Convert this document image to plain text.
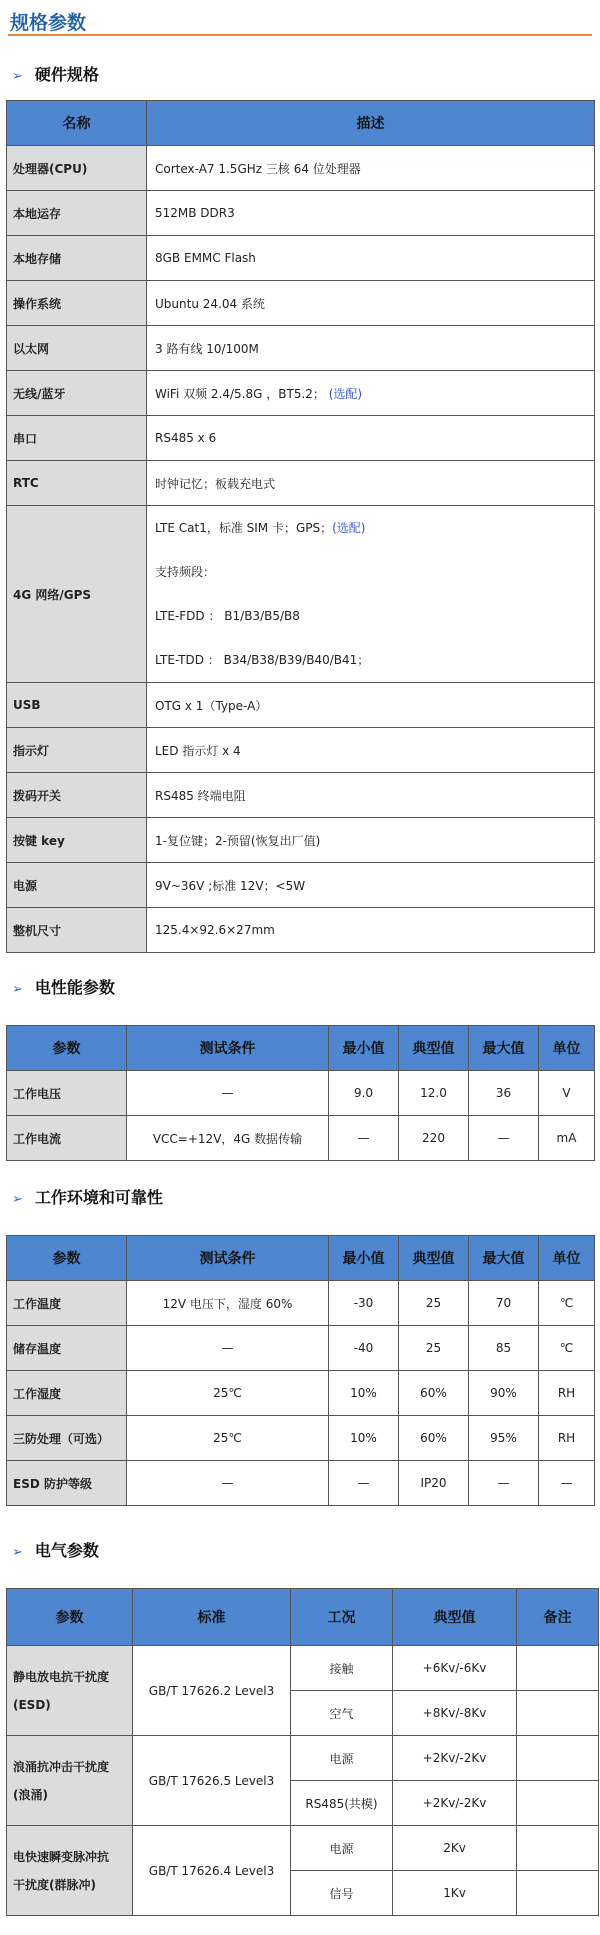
规格参数
➢ 硬件规格
名称	描述
处理器(CPU)	Cortex-A7 1.5GHz 三核 64 位处理器
本地运存	512MB DDR3
本地存储	8GB EMMC Flash
操作系统	Ubuntu 24.04 系统
以太网	3 路有线 10/100M
无线/蓝牙	WiFi 双频 2.4/5.8G ，BT5.2； (选配)
串口	RS485 x 6
RTC	时钟记忆；板载充电式
4G 网络/GPS	LTE Cat1，标准 SIM 卡；GPS；(选配)
支持频段：
LTE-FDD ： B1/B3/B5/B8
LTE-TDD ： B34/B38/B39/B40/B41；

USB	OTG x 1（Type-A）
指示灯	LED 指示灯 x 4
拨码开关	RS485 终端电阻
按键 key	1-复位键；2-预留(恢复出厂值)
电源	9V~36V ;标准 12V；<5W
整机尺寸	125.4×92.6×27mm
➢ 电性能参数
参数	测试条件	最小值	典型值	最大值	单位
工作电压	—	9.0	12.0	36	V
工作电流	VCC=+12V，4G 数据传输	—	220	—	mA
➢ 工作环境和可靠性
参数	测试条件	最小值	典型值	最大值	单位
工作温度	12V 电压下，湿度 60%	-30	25	70	℃
储存温度	—	-40	25	85	℃
工作湿度	25℃	10%	60%	90%	RH
三防处理（可选）	25℃	10%	60%	95%	RH
ESD 防护等级	—	—	IP20	—	—
➢ 电气参数
参数	标准	工况	典型值	备注

静电放电抗干扰度
(ESD)	GB/T 17626.2 Level3	接触	+6Kv/-6Kv	
		空气	+8Kv/-8Kv	

浪涌抗冲击干扰度
(浪涌)	GB/T 17626.5 Level3	电源	+2Kv/-2Kv	
		RS485(共模)	+2Kv/-2Kv	

电快速瞬变脉冲抗
干扰度(群脉冲)	GB/T 17626.4 Level3	电源	2Kv	
		信号	1Kv	
